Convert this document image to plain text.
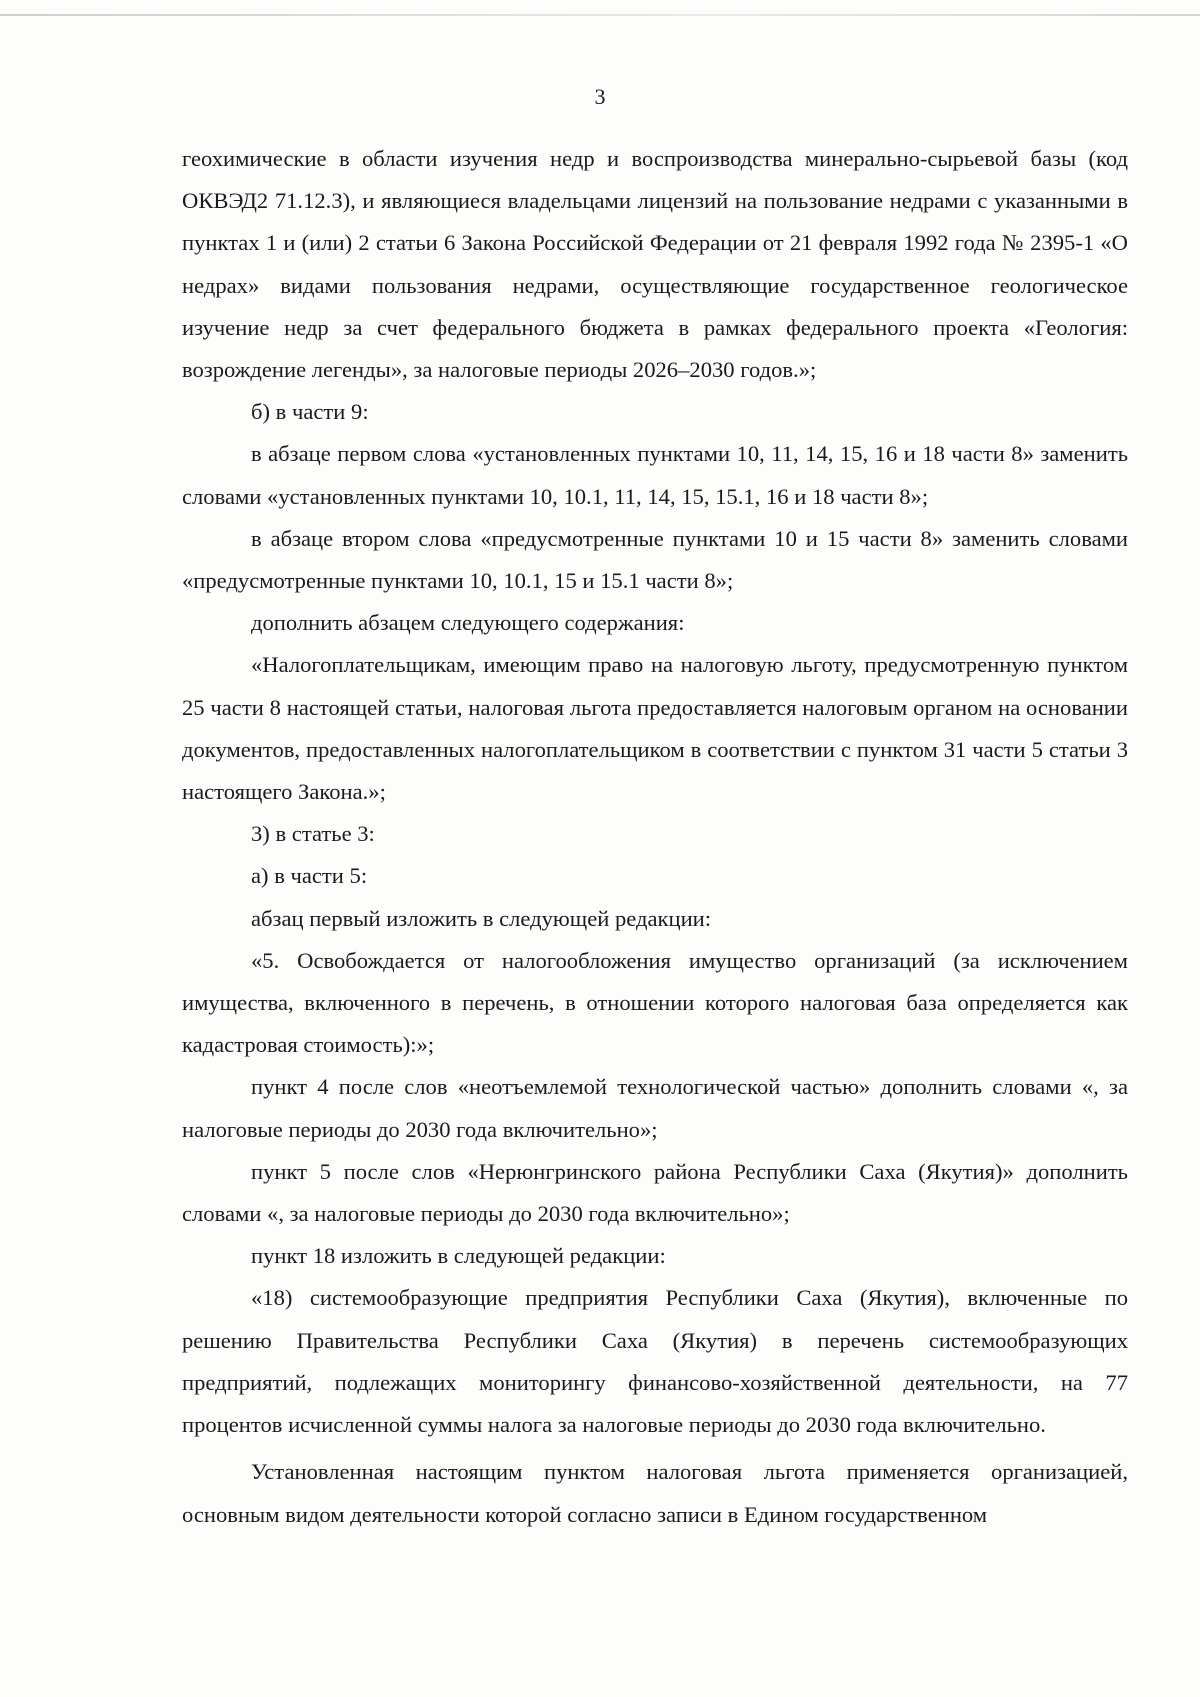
3

геохимические в области изучения недр и воспроизводства минерально-сырьевой базы (код ОКВЭД2 71.12.3), и являющиеся владельцами лицензий на пользование недрами с указанными в пунктах 1 и (или) 2 статьи 6 Закона Российской Федерации от 21 февраля 1992 года № 2395-1 «О недрах» видами пользования недрами, осуществляющие государственное геологическое изучение недр за счет федерального бюджета в рамках федерального проекта «Геология: возрождение легенды», за налоговые периоды 2026–2030 годов.»;

б) в части 9:

в абзаце первом слова «установленных пунктами 10, 11, 14, 15, 16 и 18 части 8» заменить словами «установленных пунктами 10, 10.1, 11, 14, 15, 15.1, 16 и 18 части 8»;

в абзаце втором слова «предусмотренные пунктами 10 и 15 части 8» заменить словами «предусмотренные пунктами 10, 10.1, 15 и 15.1 части 8»;

дополнить абзацем следующего содержания:

«Налогоплательщикам, имеющим право на налоговую льготу, предусмотренную пунктом 25 части 8 настоящей статьи, налоговая льгота предоставляется налоговым органом на основании документов, предоставленных налогоплательщиком в соответствии с пунктом 31 части 5 статьи 3 настоящего Закона.»;

3) в статье 3:

а) в части 5:

абзац первый изложить в следующей редакции:

«5. Освобождается от налогообложения имущество организаций (за исключением имущества, включенного в перечень, в отношении которого налоговая база определяется как кадастровая стоимость):»;

пункт 4 после слов «неотъемлемой технологической частью» дополнить словами «, за налоговые периоды до 2030 года включительно»;

пункт 5 после слов «Нерюнгринского района Республики Саха (Якутия)» дополнить словами «, за налоговые периоды до 2030 года включительно»;

пункт 18 изложить в следующей редакции:

«18) системообразующие предприятия Республики Саха (Якутия), включенные по решению Правительства Республики Саха (Якутия) в перечень системообразующих предприятий, подлежащих мониторингу финансово-хозяйственной деятельности, на 77 процентов исчисленной суммы налога за налоговые периоды до 2030 года включительно.

Установленная настоящим пунктом налоговая льгота применяется организацией, основным видом деятельности которой согласно записи в Едином государственном
